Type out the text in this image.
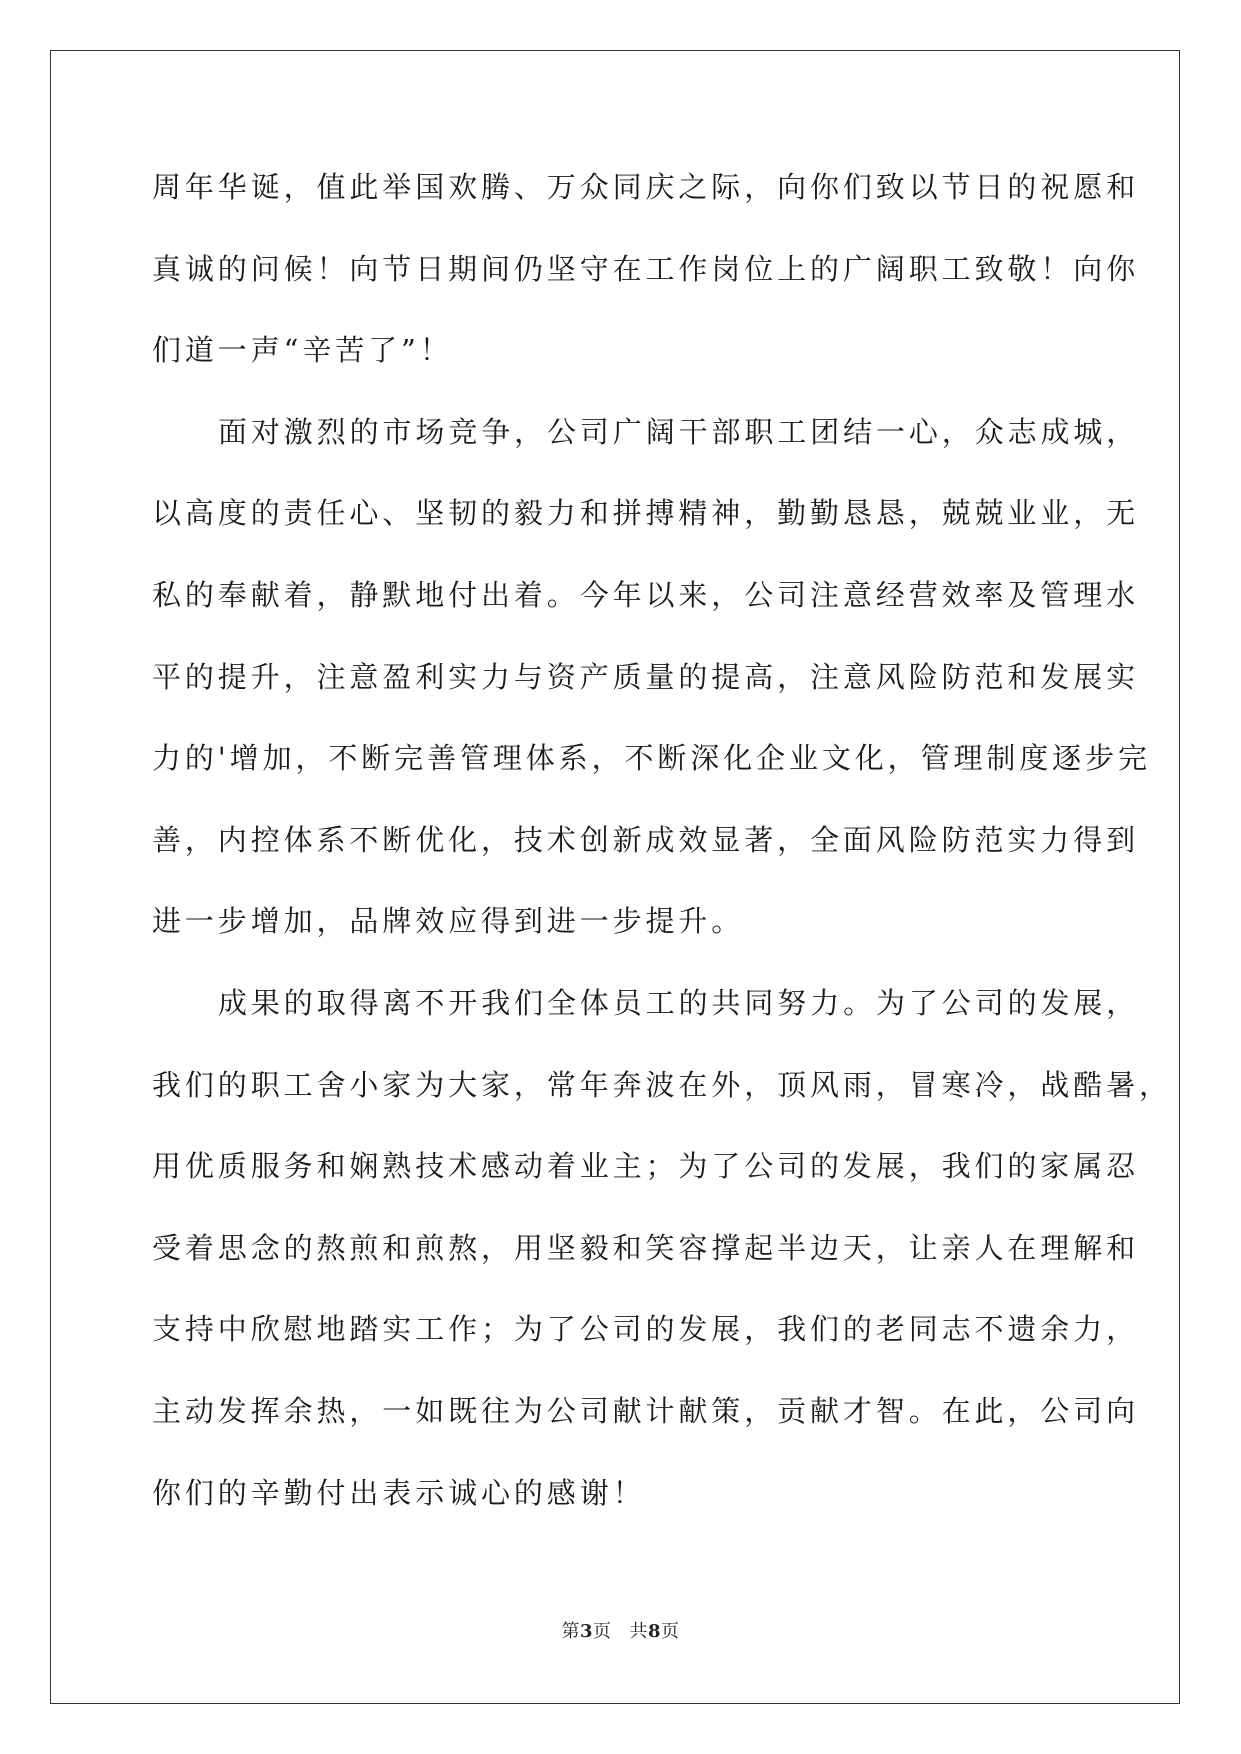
周年华诞，值此举国欢腾、万众同庆之际，向你们致以节日的祝愿和
真诚的问候！向节日期间仍坚守在工作岗位上的广阔职工致敬！向你
们道一声“辛苦了”！
面对激烈的市场竞争，公司广阔干部职工团结一心，众志成城，
以高度的责任心、坚韧的毅力和拼搏精神，勤勤恳恳，兢兢业业，无
私的奉献着，静默地付出着。今年以来，公司注意经营效率及管理水
平的提升，注意盈利实力与资产质量的提高，注意风险防范和发展实
力的'增加，不断完善管理体系，不断深化企业文化，管理制度逐步完
善，内控体系不断优化，技术创新成效显著，全面风险防范实力得到
进一步增加，品牌效应得到进一步提升。
成果的取得离不开我们全体员工的共同努力。为了公司的发展，
我们的职工舍小家为大家，常年奔波在外，顶风雨，冒寒冷，战酷暑，
用优质服务和娴熟技术感动着业主；为了公司的发展，我们的家属忍
受着思念的熬煎和煎熬，用坚毅和笑容撑起半边天，让亲人在理解和
支持中欣慰地踏实工作；为了公司的发展，我们的老同志不遗余力，
主动发挥余热，一如既往为公司献计献策，贡献才智。在此，公司向
你们的辛勤付出表示诚心的感谢！
第3页 共8页
